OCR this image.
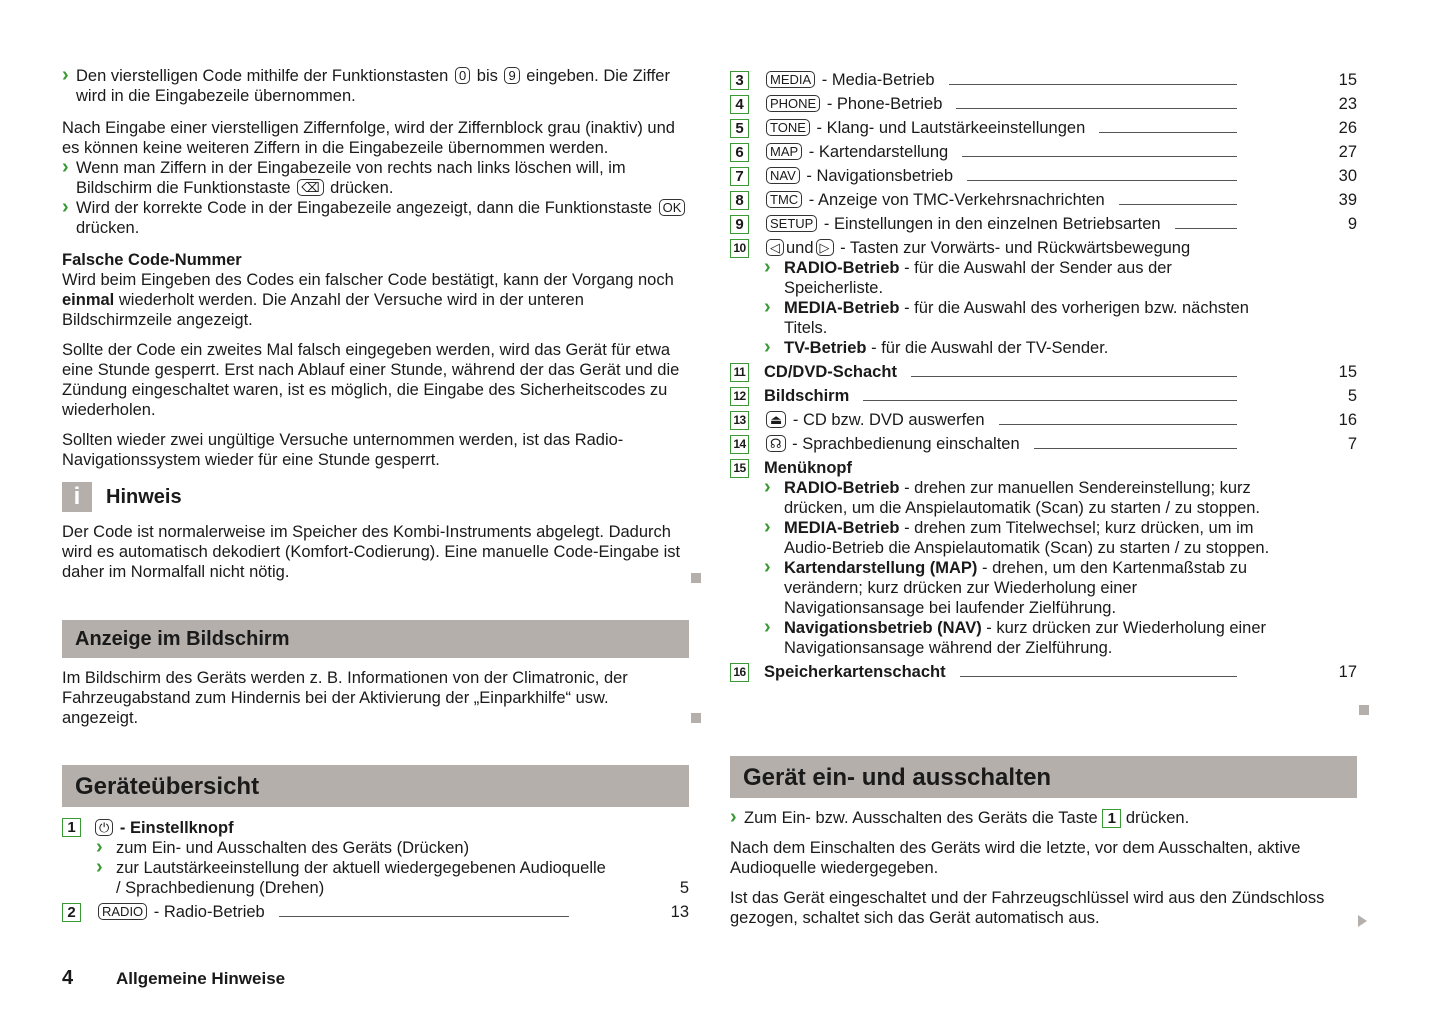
› Den vierstelligen Code mithilfe der Funktionstasten 0 bis 9 eingeben. Die Ziffer wird in die Eingabezeile übernommen.

Nach Eingabe einer vierstelligen Ziffernfolge, wird der Ziffernblock grau (inaktiv) und es können keine weiteren Ziffern in die Eingabezeile übernommen werden.

› Wenn man Ziffern in der Eingabezeile von rechts nach links löschen will, im Bildschirm die Funktionstaste ⌫ drücken.
› Wird der korrekte Code in der Eingabezeile angezeigt, dann die Funktionstaste OK drücken.
Falsche Code-Nummer

Wird beim Eingeben des Codes ein falscher Code bestätigt, kann der Vorgang noch einmal wiederholt werden. Die Anzahl der Versuche wird in der unteren Bildschirmzeile angezeigt.

Sollte der Code ein zweites Mal falsch eingegeben werden, wird das Gerät für etwa eine Stunde gesperrt. Erst nach Ablauf einer Stunde, während der das Gerät und die Zündung eingeschaltet waren, ist es möglich, die Eingabe des Sicherheitscodes zu wiederholen.

Sollten wieder zwei ungültige Versuche unternommen werden, ist das Radio-Navigationssystem wieder für eine Stunde gesperrt.

i	Hinweis

Der Code ist normalerweise im Speicher des Kombi-Instruments abgelegt. Dadurch wird es automatisch dekodiert (Komfort-Codierung). Eine manuelle Code-Eingabe ist daher im Normalfall nicht nötig.

Anzeige im Bildschirm

Im Bildschirm des Geräts werden z. B. Informationen von der Climatronic, der Fahrzeugabstand zum Hindernis bei der Aktivierung der „Einparkhilfe“ usw. angezeigt.

Geräteübersicht
1	⏻ - Einstellknopf
› zum Ein- und Ausschalten des Geräts (Drücken)
› zur Lautstärkeeinstellung der aktuell wiedergegebenen Audioquelle / Sprachbedienung (Drehen)	5
2	RADIO - Radio-Betrieb	13
3	MEDIA - Media-Betrieb	15
4	PHONE - Phone-Betrieb	23
5	TONE - Klang- und Lautstärkeeinstellungen	26
6	MAP - Kartendarstellung	27
7	NAV - Navigationsbetrieb	30
8	TMC - Anzeige von TMC-Verkehrsnachrichten	39
9	SETUP - Einstellungen in den einzelnen Betriebsarten	9
10	◁ und ▷ - Tasten zur Vorwärts- und Rückwärtsbewegung
› RADIO-Betrieb - für die Auswahl der Sender aus der Speicherliste.
› MEDIA-Betrieb - für die Auswahl des vorherigen bzw. nächsten Titels.
› TV-Betrieb - für die Auswahl der TV-Sender.
11	CD/DVD-Schacht	15
12	Bildschirm	5
13	⏏ - CD bzw. DVD auswerfen	16
14	☊ - Sprachbedienung einschalten	7
15	Menüknopf
› RADIO-Betrieb - drehen zur manuellen Sendereinstellung; kurz drücken, um die Anspielautomatik (Scan) zu starten / zu stoppen.
› MEDIA-Betrieb - drehen zum Titelwechsel; kurz drücken, um im Audio-Betrieb die Anspielautomatik (Scan) zu starten / zu stoppen.
› Kartendarstellung (MAP) - drehen, um den Kartenmaßstab zu verändern; kurz drücken zur Wiederholung einer Navigationsansage bei laufender Zielführung.
› Navigationsbetrieb (NAV) - kurz drücken zur Wiederholung einer Navigationsansage während der Zielführung.
16	Speicherkartenschacht	17
Gerät ein- und ausschalten
› Zum Ein- bzw. Ausschalten des Geräts die Taste 1 drücken.

Nach dem Einschalten des Geräts wird die letzte, vor dem Ausschalten, aktive Audioquelle wiedergegeben.

Ist das Gerät eingeschaltet und der Fahrzeugschlüssel wird aus den Zündschloss gezogen, schaltet sich das Gerät automatisch aus.

4	Allgemeine Hinweise
